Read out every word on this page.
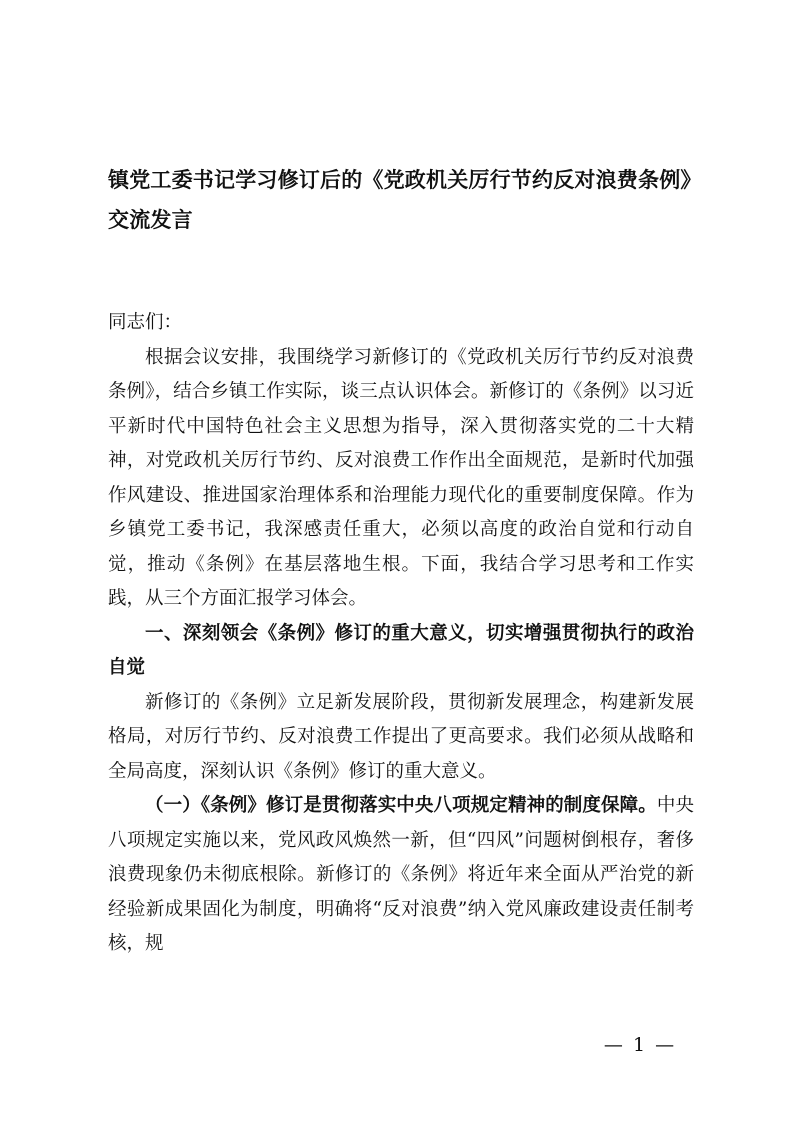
镇党工委书记学习修订后的《党政机关厉行节约反对浪费条例》交流发言

同志们：

根据会议安排，我围绕学习新修订的《党政机关厉行节约反对浪费条例》，结合乡镇工作实际，谈三点认识体会。新修订的《条例》以习近平新时代中国特色社会主义思想为指导，深入贯彻落实党的二十大精神，对党政机关厉行节约、反对浪费工作作出全面规范，是新时代加强作风建设、推进国家治理体系和治理能力现代化的重要制度保障。作为乡镇党工委书记，我深感责任重大，必须以高度的政治自觉和行动自觉，推动《条例》在基层落地生根。下面，我结合学习思考和工作实践，从三个方面汇报学习体会。

一、深刻领会《条例》修订的重大意义，切实增强贯彻执行的政治自觉

新修订的《条例》立足新发展阶段，贯彻新发展理念，构建新发展格局，对厉行节约、反对浪费工作提出了更高要求。我们必须从战略和全局高度，深刻认识《条例》修订的重大意义。

（一）《条例》修订是贯彻落实中央八项规定精神的制度保障。中央八项规定实施以来，党风政风焕然一新，但“四风”问题树倒根存，奢侈浪费现象仍未彻底根除。新修订的《条例》将近年来全面从严治党的新经验新成果固化为制度，明确将“反对浪费”纳入党风廉政建设责任制考核，规

— 1 —
